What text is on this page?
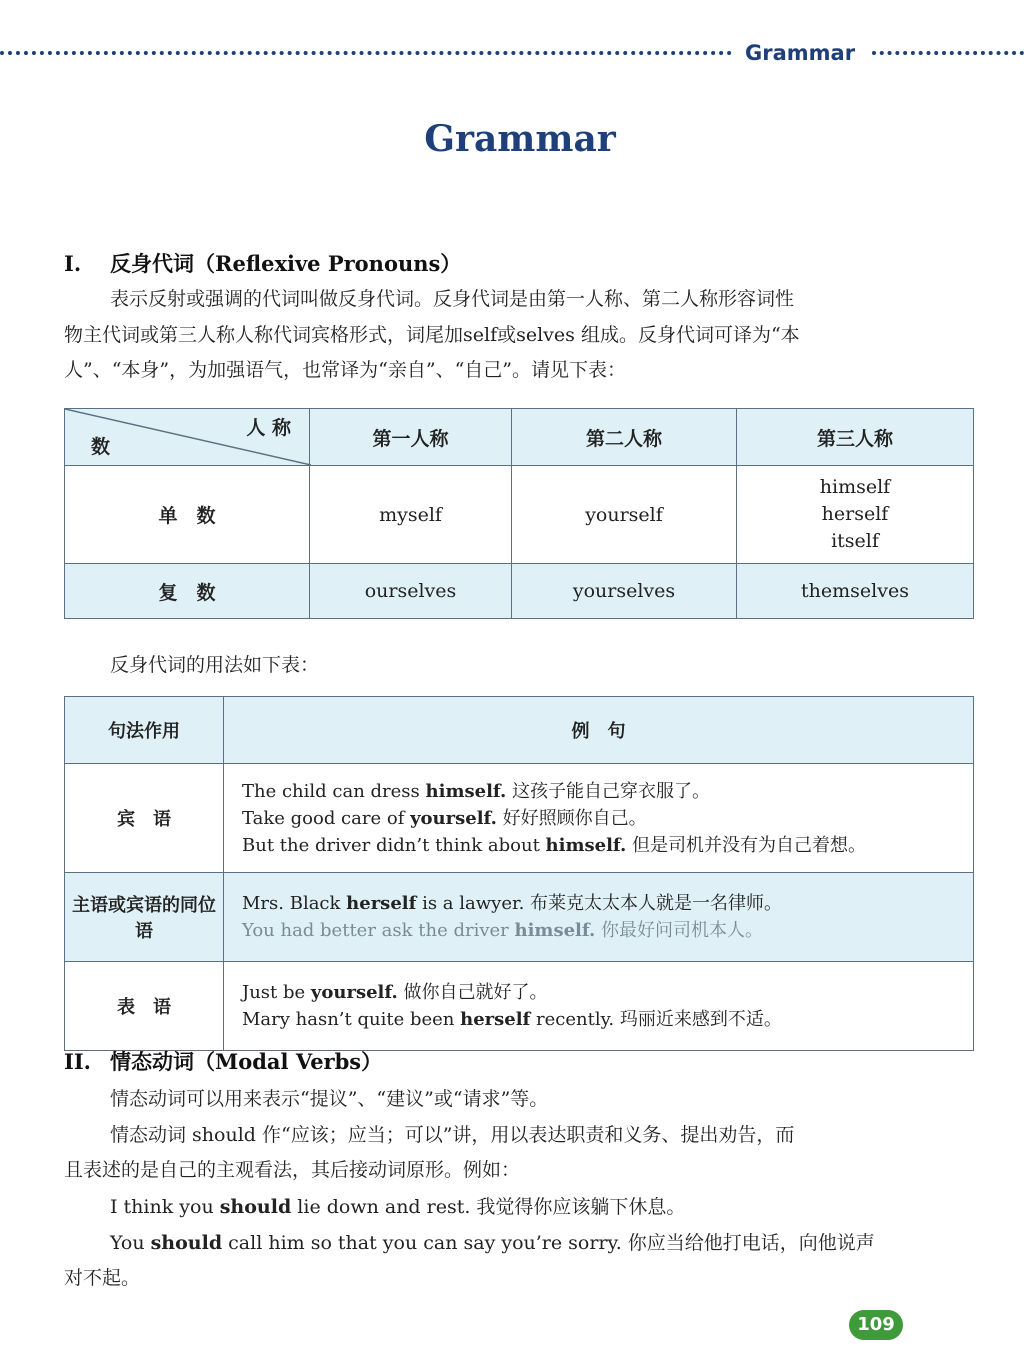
Grammar
Grammar
I. 反身代词（Reflexive Pronouns）
表示反射或强调的代词叫做反身代词。反身代词是由第一人称、第二人称形容词性
物主代词或第三人称人称代词宾格形式，词尾加self或selves 组成。反身代词可译为“本
人”、“本身”，为加强语气，也常译为“亲自”、“自己”。请见下表：
人 称
数	第一人称	第二人称	第三人称
单　数	myself	yourself	himself
herself
itself

复　数	ourselves	yourselves	themselves
反身代词的用法如下表：
句法作用	例　句
宾　语	The child can dress himself. 这孩子能自己穿衣服了。
Take good care of yourself. 好好照顾你自己。
But the driver didn’t think about himself. 但是司机并没有为自己着想。

主语或宾语的同位语	Mrs. Black herself is a lawyer. 布莱克太太本人就是一名律师。
You had better ask the driver himself. 你最好问司机本人。

表　语	Just be yourself. 做你自己就好了。
Mary hasn’t quite been herself recently. 玛丽近来感到不适。
II. 情态动词（Modal Verbs）
情态动词可以用来表示“提议”、“建议”或“请求”等。
情态动词 should 作“应该；应当；可以”讲，用以表达职责和义务、提出劝告，而
且表述的是自己的主观看法，其后接动词原形。例如：
I think you should lie down and rest. 我觉得你应该躺下休息。
You should call him so that you can say you’re sorry. 你应当给他打电话，向他说声
对不起。
109
